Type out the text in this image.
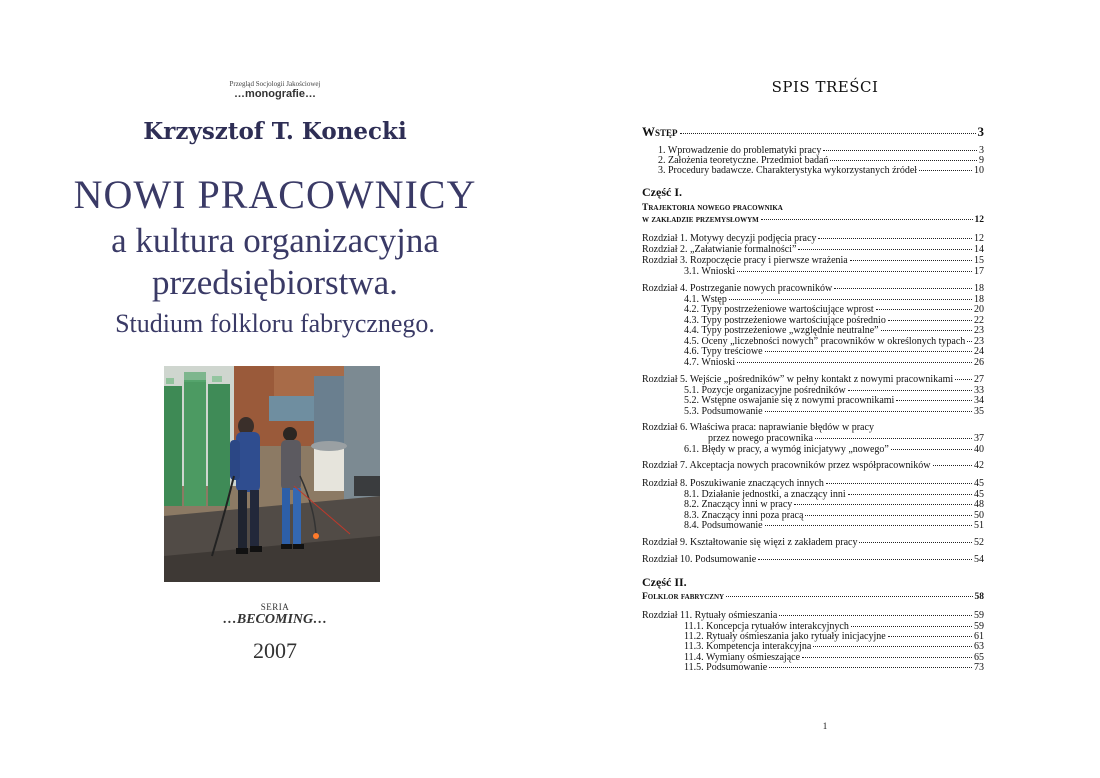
Przegląd Socjologii Jakościowej
…monografie…
Krzysztof T. Konecki
NOWI PRACOWNICY
a kultura organizacyjna
przedsiębiorstwa.
Studium folkloru fabrycznego.
SERIA
…BECOMING…
2007
SPIS TREŚCI
Wstęp	3
1. Wprowadzenie do problematyki pracy	3
2. Założenia teoretyczne. Przedmiot badań	9
3. Procedury badawcze. Charakterystyka wykorzystanych źródeł	10
Część I.
Trajektoria nowego pracownika
w zakładzie przemysłowym	12
Rozdział 1. Motywy decyzji podjęcia pracy	12
Rozdział 2. „Załatwianie formalności”	14
Rozdział 3. Rozpoczęcie pracy i pierwsze wrażenia	15
3.1. Wnioski	17
Rozdział 4. Postrzeganie nowych pracowników	18
4.1. Wstęp	18
4.2. Typy postrzeżeniowe wartościujące wprost	20
4.3. Typy postrzeżeniowe wartościujące pośrednio	22
4.4. Typy postrzeżeniowe „względnie neutralne”	23
4.5. Oceny „liczebności nowych” pracowników w określonych typach 23
4.6. Typy treściowe	24
4.7. Wnioski	26
Rozdział 5. Wejście „pośredników” w pełny kontakt z nowymi pracownikami 27
5.1. Pozycje organizacyjne pośredników	33
5.2. Wstępne oswajanie się z nowymi pracownikami	34
5.3. Podsumowanie	35
Rozdział 6. Właściwa praca: naprawianie błędów w pracy
przez nowego pracownika	37
6.1. Błędy w pracy, a wymóg inicjatywy „nowego”	40
Rozdział 7. Akceptacja nowych pracowników przez współpracowników	42
Rozdział 8. Poszukiwanie znaczących innych	45
8.1. Działanie jednostki, a znaczący inni	45
8.2. Znaczący inni w pracy	48
8.3. Znaczący inni poza pracą	50
8.4. Podsumowanie	51
Rozdział 9. Kształtowanie się więzi z zakładem pracy	52
Rozdział 10. Podsumowanie	54
Część II.
Folklor fabryczny	58
Rozdział 11. Rytuały ośmieszania	59
11.1. Koncepcja rytuałów interakcyjnych	59
11.2. Rytuały ośmieszania jako rytuały inicjacyjne	61
11.3. Kompetencja interakcyjna	63
11.4. Wymiany ośmieszające	65
11.5. Podsumowanie	73
1
